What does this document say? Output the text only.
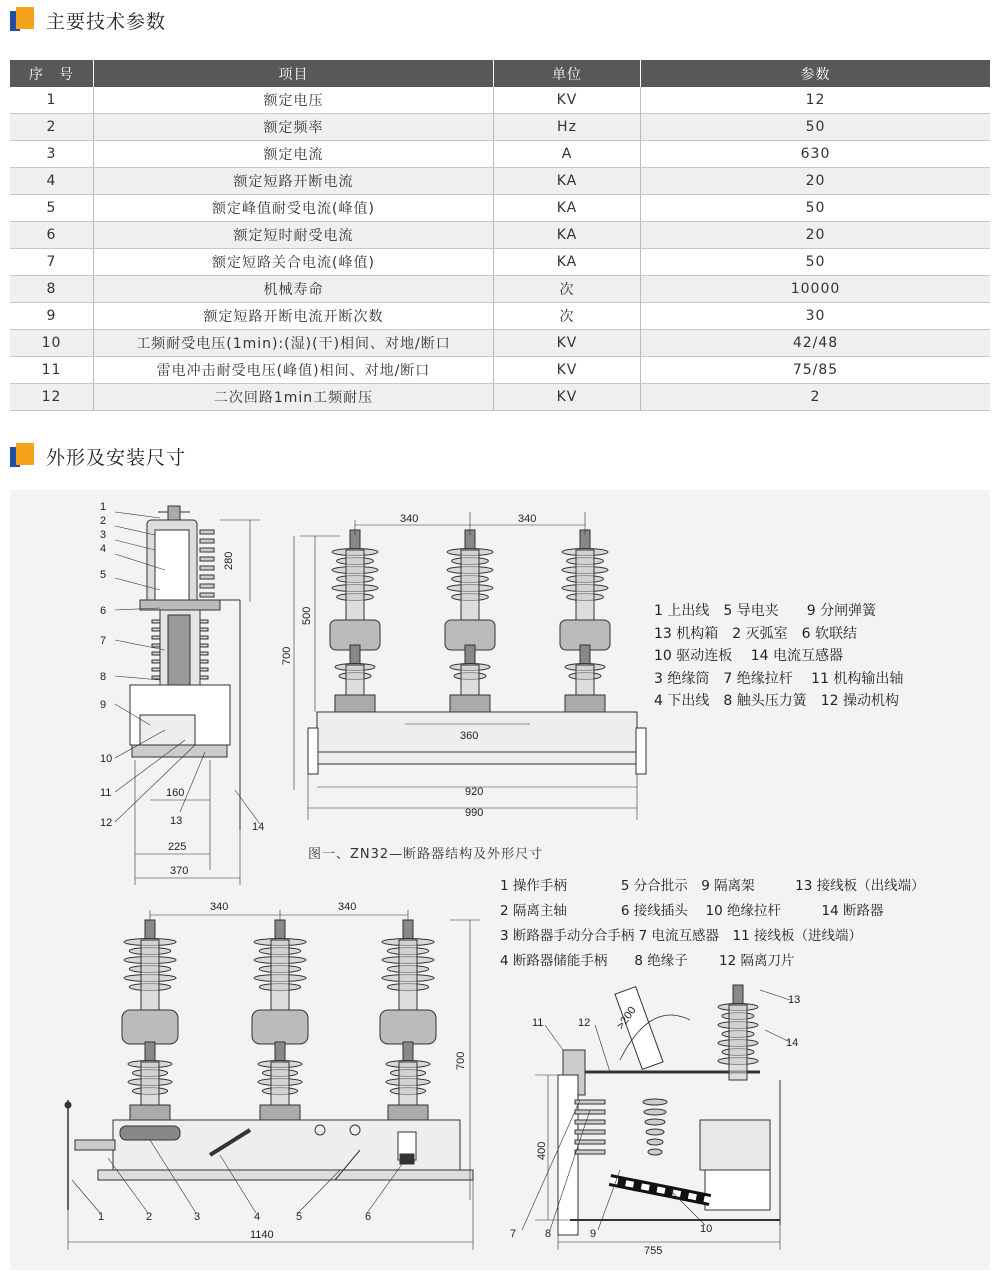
主要技术参数
序　号	项目	单位	参数
1	额定电压	KV	12
2	额定频率	Hz	50
3	额定电流	A	630
4	额定短路开断电流	KA	20
5	额定峰值耐受电流(峰值)	KA	50
6	额定短时耐受电流	KA	20
7	额定短路关合电流(峰值)	KA	50
8	机械寿命	次	10000
9	额定短路开断电流开断次数	次	30
10	工频耐受电压(1min):(湿)(干)相间、对地/断口	KV	42/48
11	雷电冲击耐受电压(峰值)相间、对地/断口	KV	75/85
12	二次回路1min工频耐压	KV	2
外形及安装尺寸
1
2
3
4
5
6
7
8
9
10
11
12	13	14
280
160
225
370
340	340
500
700
360
920
990
340	340
700
1140
1	2	3	4	5	6
400
755
>200
7	8	9	10
11	12
13
14
1 上出线　5 导电夹　　9 分闸弹簧
13 机构箱　2 灭弧室　6 软联结
10 驱动连板　 14 电流互感器
3 绝缘筒　7 绝缘拉杆　 11 机构输出轴
4 下出线　8 触头压力簧　12 操动机构
图一、ZN32—断路器结构及外形尺寸
1 操作手柄　　　　5 分合批示　9 隔离架　　　13 接线板（出线端）
2 隔离主轴　　　　6 接线插头　 10 绝缘拉杆　　　14 断路器
3 断路器手动分合手柄 7 电流互感器　11 接线板（进线端）
4 断路器储能手柄　　8 绝缘子　　 12 隔离刀片
